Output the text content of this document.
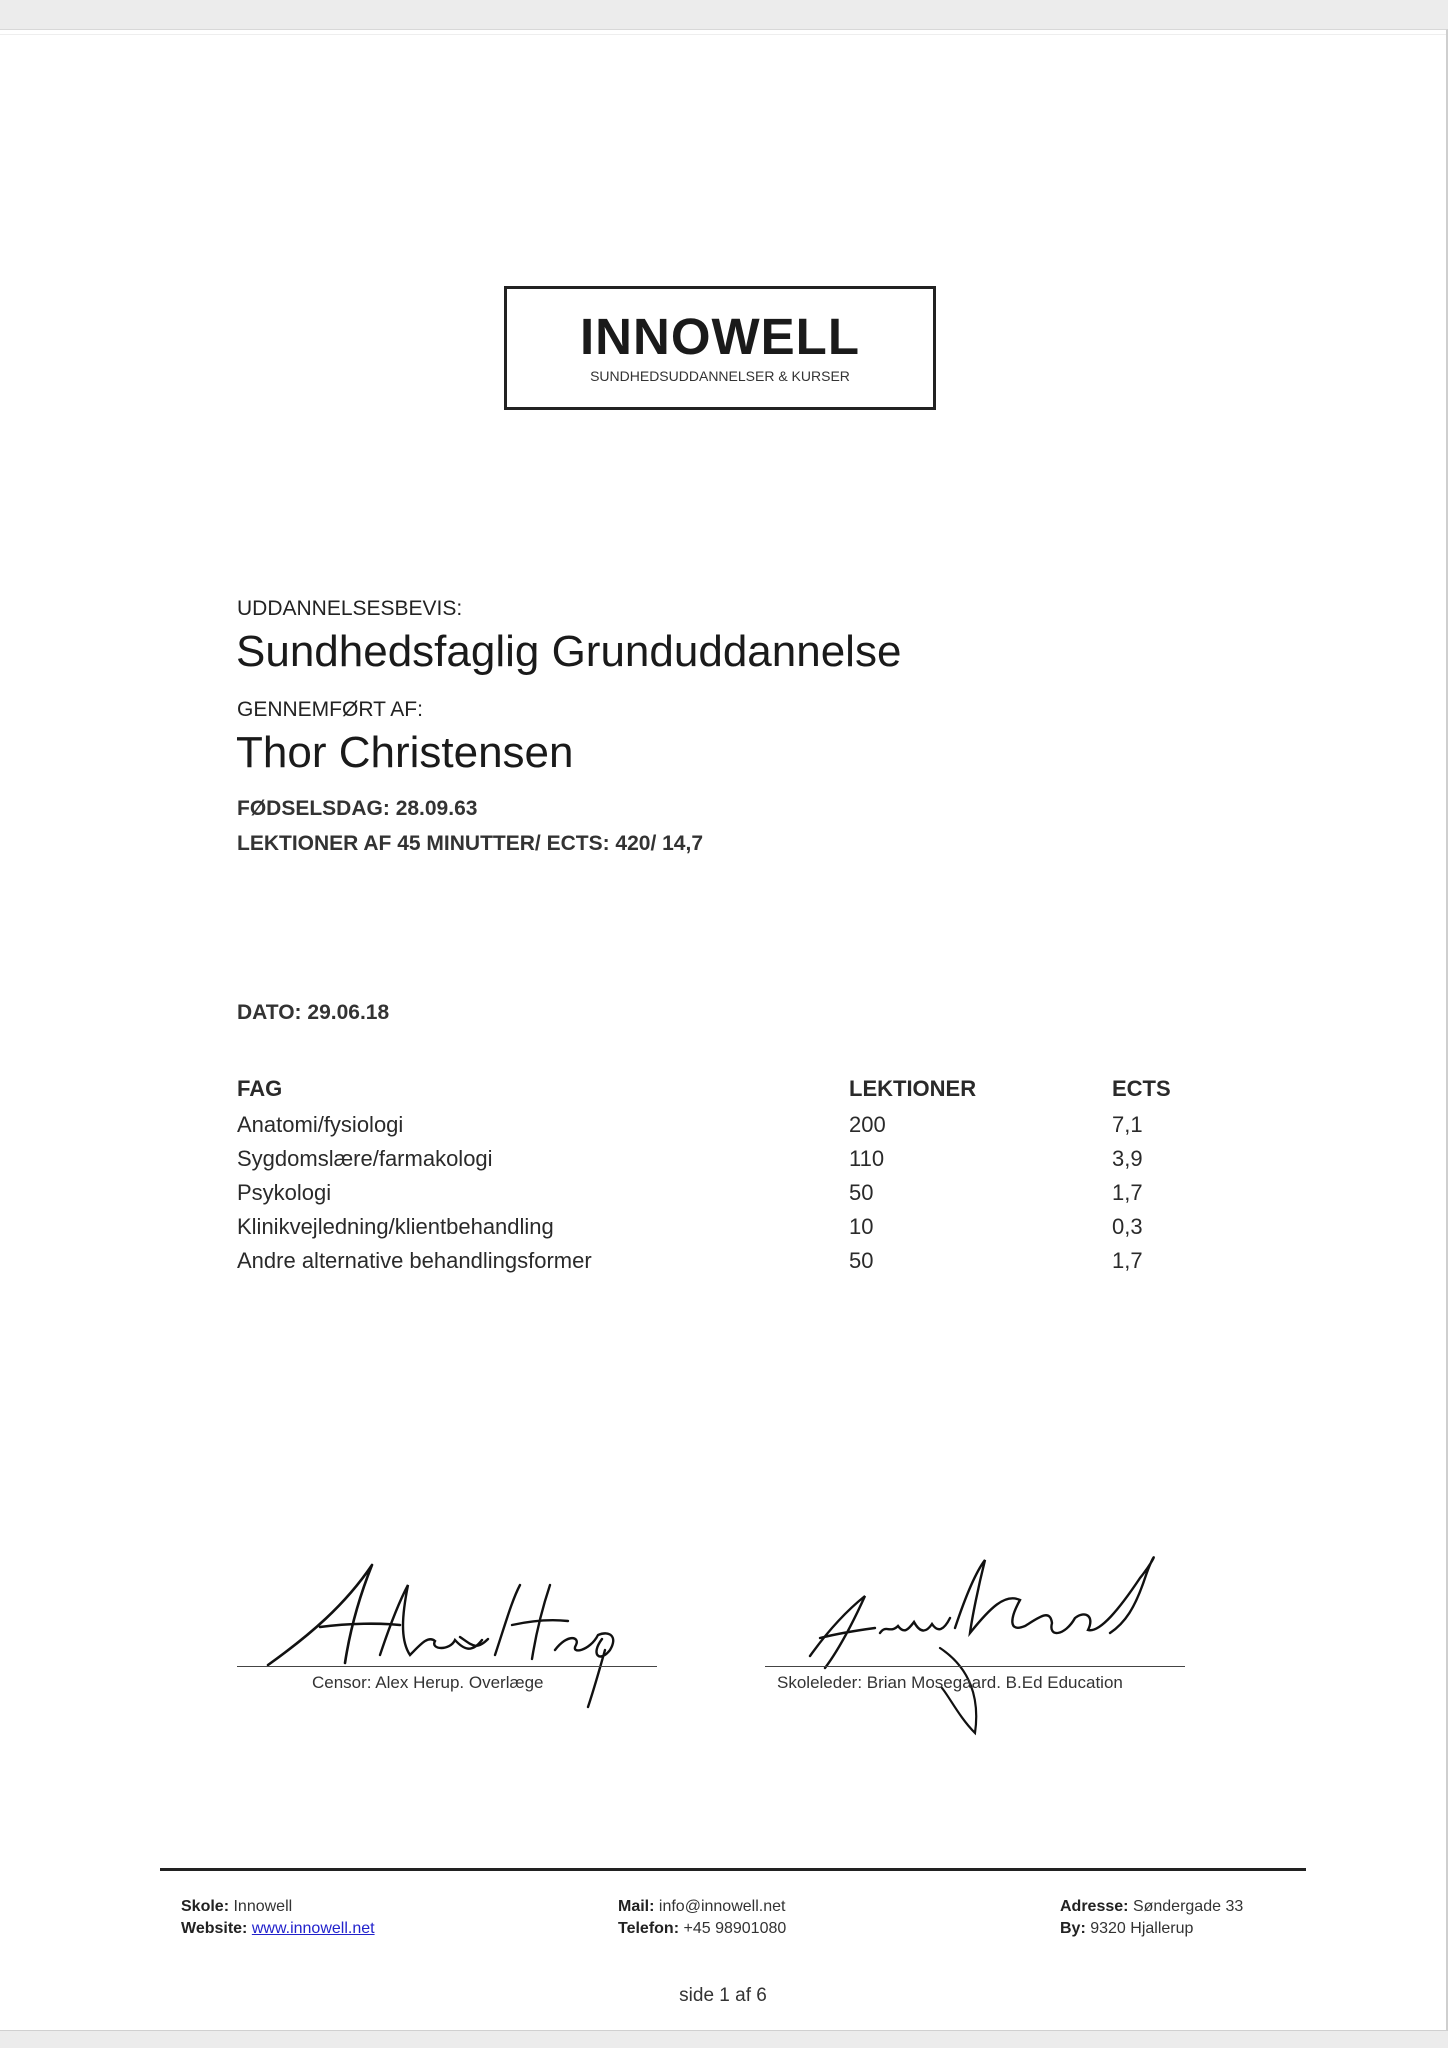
INNOWELL
SUNDHEDSUDDANNELSER & KURSER
UDDANNELSESBEVIS:
Sundhedsfaglig Grunduddannelse
GENNEMFØRT AF:
Thor Christensen
FØDSELSDAG: 28.09.63
LEKTIONER AF 45 MINUTTER/ ECTS: 420/ 14,7
DATO: 29.06.18
FAG	LEKTIONER	ECTS
Anatomi/fysiologi	200	7,1
Sygdomslære/farmakologi	110	3,9
Psykologi	50	1,7
Klinikvejledning/klientbehandling	10	0,3
Andre alternative behandlingsformer	50	1,7
Censor: Alex Herup. Overlæge	Skoleleder: Brian Mosegaard. B.Ed Education
Skole: Innowell
Website: www.innowell.net
Mail: info@innowell.net
Telefon: +45 98901080
Adresse: Søndergade 33
By: 9320 Hjallerup
side 1 af 6
